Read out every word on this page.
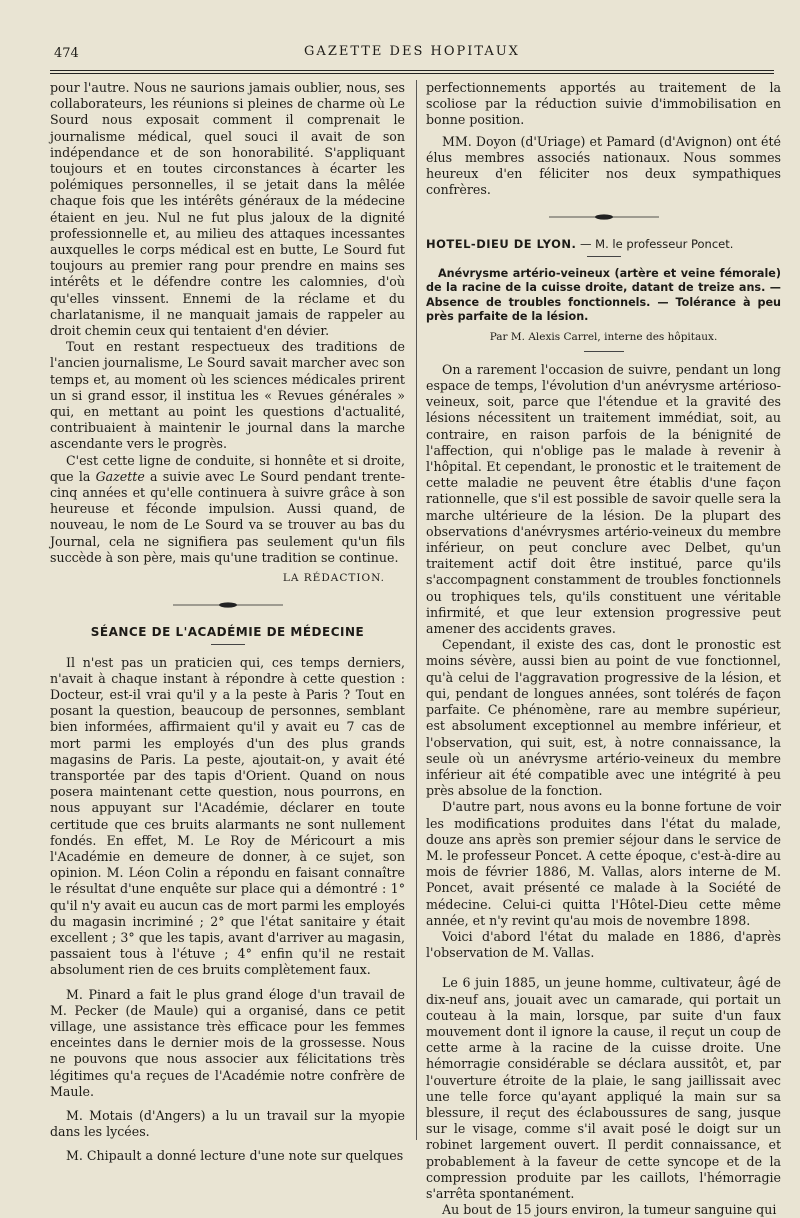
474	GAZETTE DES HOPITAUX

pour l'autre. Nous ne saurions jamais oublier, nous, ses collaborateurs, les réunions si pleines de charme où Le Sourd nous exposait comment il comprenait le journalisme médical, quel souci il avait de son indépendance et de son honorabilité. S'appliquant toujours et en toutes circonstances à écarter les polémiques personnelles, il se jetait dans la mêlée chaque fois que les intérêts généraux de la médecine étaient en jeu. Nul ne fut plus jaloux de la dignité professionnelle et, au milieu des attaques incessantes auxquelles le corps médical est en butte, Le Sourd fut toujours au premier rang pour prendre en mains ses intérêts et le défendre contre les calomnies, d'où qu'elles vinssent. Ennemi de la réclame et du charlatanisme, il ne manquait jamais de rappeler au droit chemin ceux qui tentaient d'en dévier.

Tout en restant respectueux des traditions de l'ancien journalisme, Le Sourd savait marcher avec son temps et, au moment où les sciences médicales prirent un si grand essor, il institua les « Revues générales » qui, en mettant au point les questions d'actualité, contribuaient à maintenir le journal dans la marche ascendante vers le progrès.

C'est cette ligne de conduite, si honnête et si droite, que la Gazette a suivie avec Le Sourd pendant trente-cinq années et qu'elle continuera à suivre grâce à son heureuse et féconde impulsion. Aussi quand, de nouveau, le nom de Le Sourd va se trouver au bas du Journal, cela ne signifiera pas seulement qu'un fils succède à son père, mais qu'une tradition se continue.

LA RÉDACTION.
SÉANCE DE L'ACADÉMIE DE MÉDECINE

Il n'est pas un praticien qui, ces temps derniers, n'avait à chaque instant à répondre à cette question : Docteur, est-il vrai qu'il y a la peste à Paris ? Tout en posant la question, beaucoup de personnes, semblant bien informées, affirmaient qu'il y avait eu 7 cas de mort parmi les employés d'un des plus grands magasins de Paris. La peste, ajoutait-on, y avait été transportée par des tapis d'Orient. Quand on nous posera maintenant cette question, nous pourrons, en nous appuyant sur l'Académie, déclarer en toute certitude que ces bruits alarmants ne sont nullement fondés. En effet, M. Le Roy de Méricourt a mis l'Académie en demeure de donner, à ce sujet, son opinion. M. Léon Colin a répondu en faisant connaître le résultat d'une enquête sur place qui a démontré : 1° qu'il n'y avait eu aucun cas de mort parmi les employés du magasin incriminé ; 2° que l'état sanitaire y était excellent ; 3° que les tapis, avant d'arriver au magasin, passaient tous à l'étuve ; 4° enfin qu'il ne restait absolument rien de ces bruits complètement faux.

M. Pinard a fait le plus grand éloge d'un travail de M. Pecker (de Maule) qui a organisé, dans ce petit village, une assistance très efficace pour les femmes enceintes dans le dernier mois de la grossesse. Nous ne pouvons que nous associer aux félicitations très légitimes qu'a reçues de l'Académie notre confrère de Maule.

M. Motais (d'Angers) a lu un travail sur la myopie dans les lycées.

M. Chipault a donné lecture d'une note sur quelques

perfectionnements apportés au traitement de la scoliose par la réduction suivie d'immobilisation en bonne position.

MM. Doyon (d'Uriage) et Pamard (d'Avignon) ont été élus membres associés nationaux. Nous sommes heureux d'en féliciter nos deux sympathiques confrères.

HOTEL-DIEU DE LYON. — M. le professeur Poncet.
Anévrysme artério-veineux (artère et veine fémorale) de la racine de la cuisse droite, datant de treize ans. — Absence de troubles fonctionnels. — Tolérance à peu près parfaite de la lésion.
Par M. Alexis Carrel, interne des hôpitaux.

On a rarement l'occasion de suivre, pendant un long espace de temps, l'évolution d'un anévrysme artérioso-veineux, soit, parce que l'étendue et la gravité des lésions nécessitent un traitement immédiat, soit, au contraire, en raison parfois de la bénignité de l'affection, qui n'oblige pas le malade à revenir à l'hôpital. Et cependant, le pronostic et le traitement de cette maladie ne peuvent être établis d'une façon rationnelle, que s'il est possible de savoir quelle sera la marche ultérieure de la lésion. De la plupart des observations d'anévrysmes artério-veineux du membre inférieur, on peut conclure avec Delbet, qu'un traitement actif doit être institué, parce qu'ils s'accompagnent constamment de troubles fonctionnels ou trophiques tels, qu'ils constituent une véritable infirmité, et que leur extension progressive peut amener des accidents graves.

Cependant, il existe des cas, dont le pronostic est moins sévère, aussi bien au point de vue fonctionnel, qu'à celui de l'aggravation progressive de la lésion, et qui, pendant de longues années, sont tolérés de façon parfaite. Ce phénomène, rare au membre supérieur, est absolument exceptionnel au membre inférieur, et l'observation, qui suit, est, à notre connaissance, la seule où un anévrysme artério-veineux du membre inférieur ait été compatible avec une intégrité à peu près absolue de la fonction.

D'autre part, nous avons eu la bonne fortune de voir les modifications produites dans l'état du malade, douze ans après son premier séjour dans le service de M. le professeur Poncet. A cette époque, c'est-à-dire au mois de février 1886, M. Vallas, alors interne de M. Poncet, avait présenté ce malade à la Société de médecine. Celui-ci quitta l'Hôtel-Dieu cette même année, et n'y revint qu'au mois de novembre 1898.

Voici d'abord l'état du malade en 1886, d'après l'observation de M. Vallas.

Le 6 juin 1885, un jeune homme, cultivateur, âgé de dix-neuf ans, jouait avec un camarade, qui portait un couteau à la main, lorsque, par suite d'un faux mouvement dont il ignore la cause, il reçut un coup de cette arme à la racine de la cuisse droite. Une hémorragie considérable se déclara aussitôt, et, par l'ouverture étroite de la plaie, le sang jaillissait avec une telle force qu'ayant appliqué la main sur sa blessure, il reçut des éclaboussures de sang, jusque sur le visage, comme s'il avait posé le doigt sur un robinet largement ouvert. Il perdit connaissance, et probablement à la faveur de cette syncope et de la compression produite par les caillots, l'hémorragie s'arrêta spontanément.

Au bout de 15 jours environ, la tumeur sanguine qui
